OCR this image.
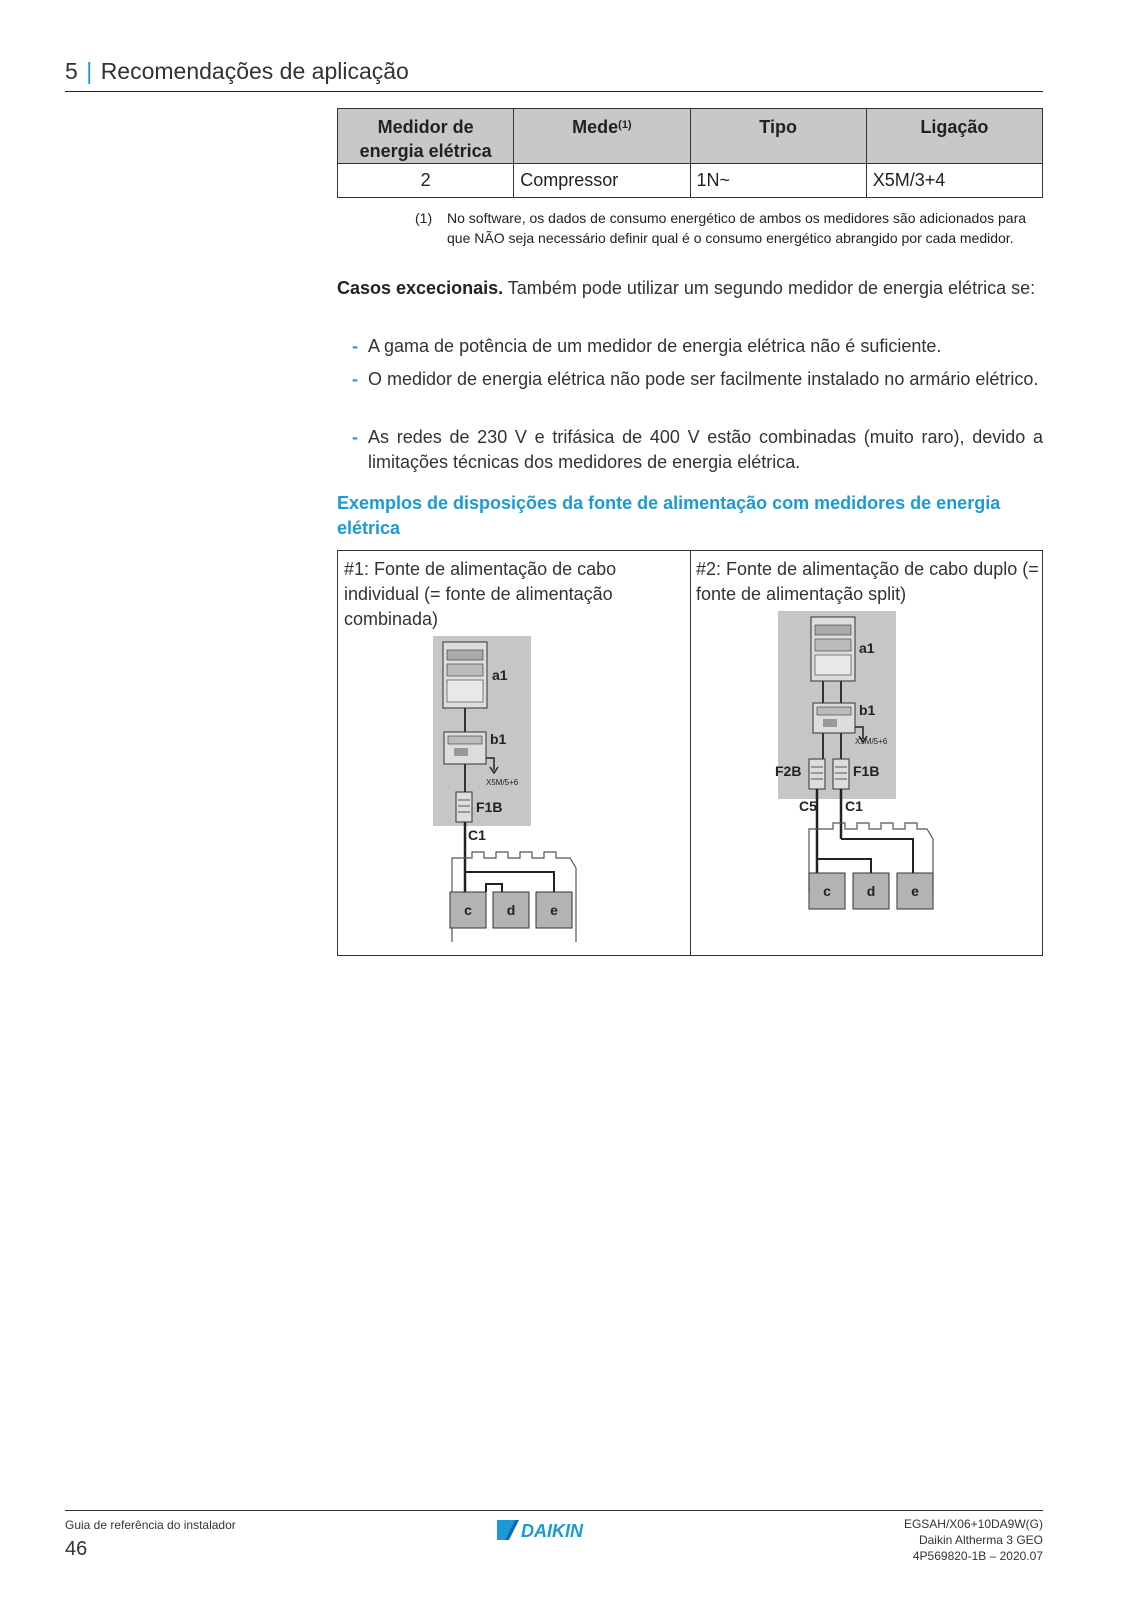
5 | Recomendações de aplicação
Medidor de energia elétrica	Mede$^{(1)}$	Tipo	Ligação
2	Compressor	1N~	X5M/3+4
(1) No software, os dados de consumo energético de ambos os medidores são adicionados para que NÃO seja necessário definir qual é o consumo energético abrangido por cada medidor.
Casos excecionais. Também pode utilizar um segundo medidor de energia elétrica se:
- A gama de potência de um medidor de energia elétrica não é suficiente.
- O medidor de energia elétrica não pode ser facilmente instalado no armário elétrico.
- As redes de 230 V e trifásica de 400 V estão combinadas (muito raro), devido a limitações técnicas dos medidores de energia elétrica.
Exemplos de disposições da fonte de alimentação com medidores de energia elétrica
#1: Fonte de alimentação de cabo individual (= fonte de alimentação combinada)
#2: Fonte de alimentação de cabo duplo (= fonte de alimentação split)
a1
b1
X5M/5+6
F1B
C1
c d e
a1
b1
X5M/5+6
F2B	F1B
C5 C1
c	d	e
Guia de referência do instalador
46
DAIKIN	EGSAH/X06+10DA9W(G)
Daikin Altherma 3 GEO
4P569820-1B – 2020.07
